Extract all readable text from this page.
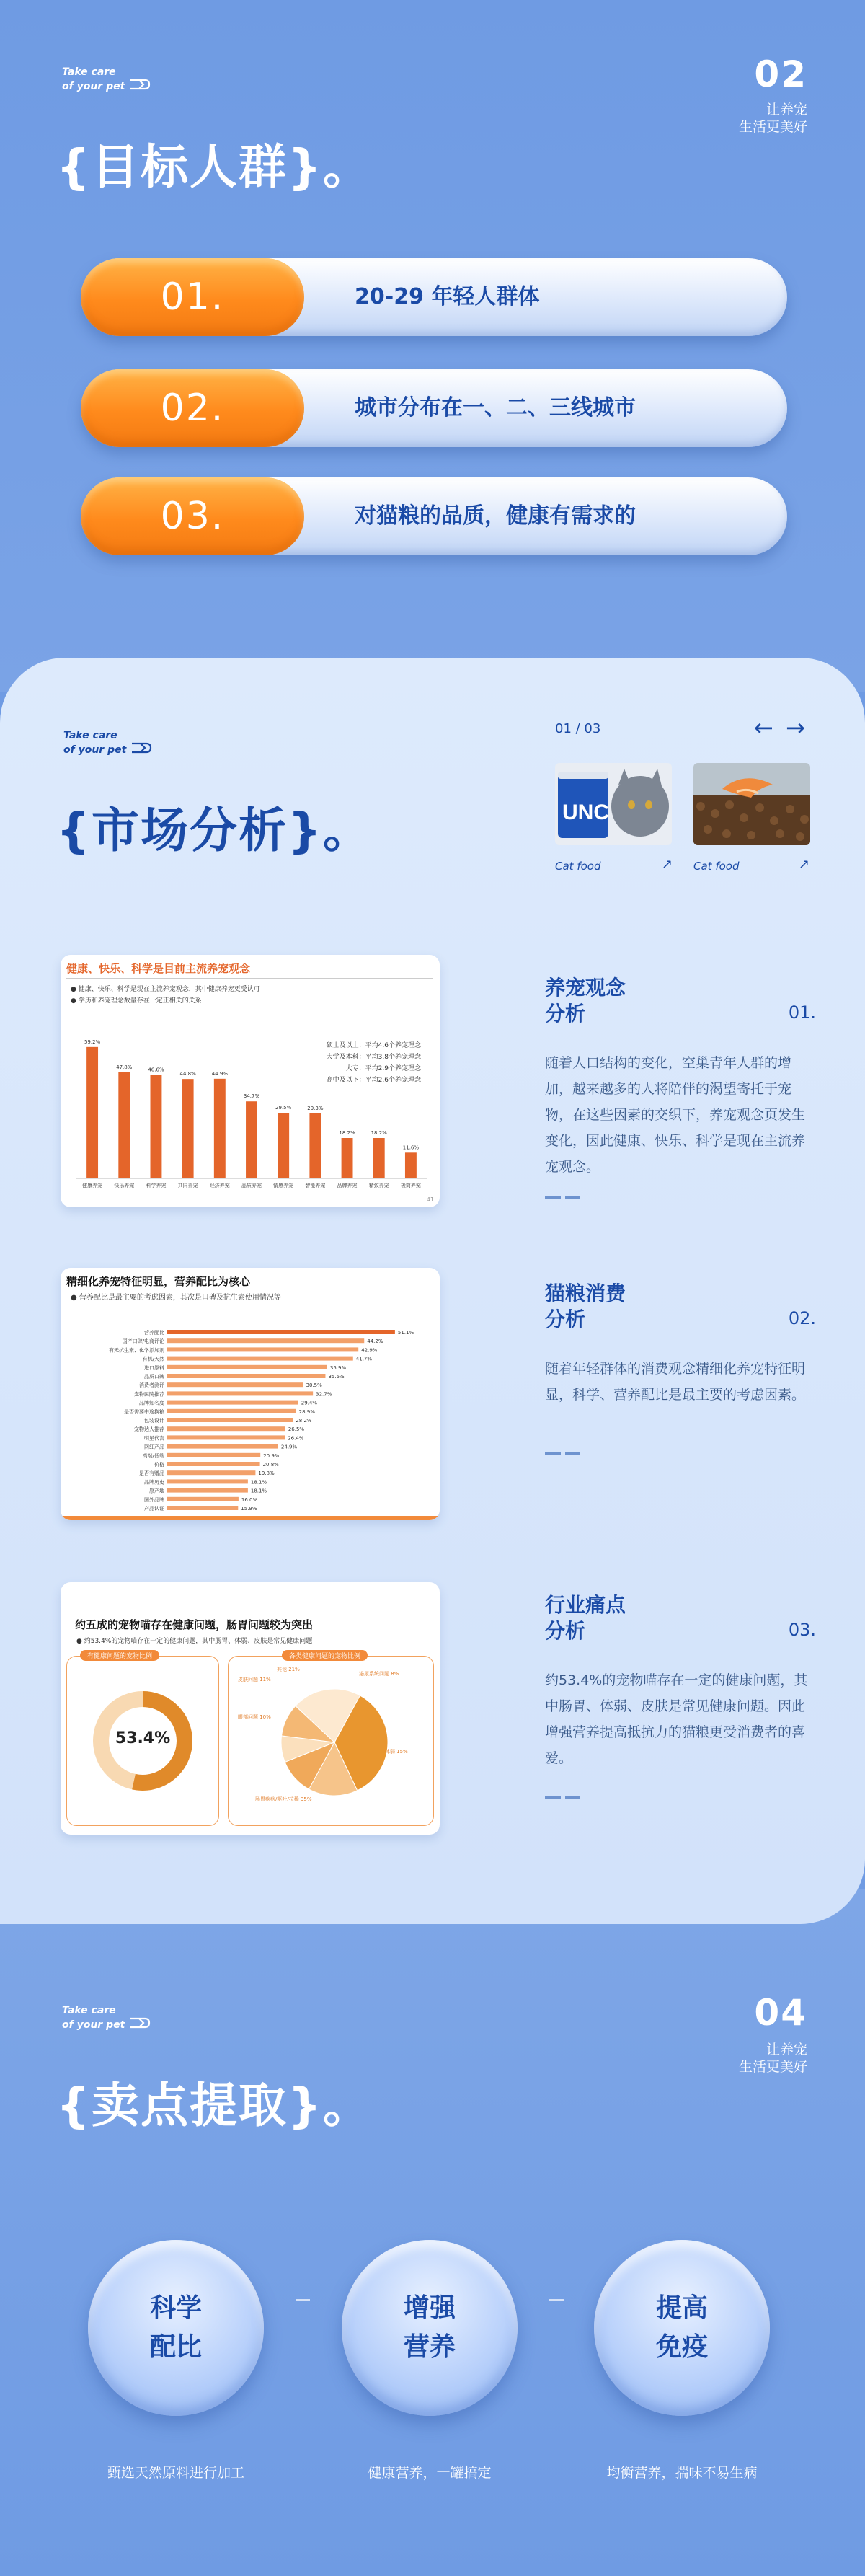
Take care
of your pet	02
让养宠
生活更美好
{目标人群}。
01.	20-29 年轻人群体
02.	城市分布在一、二、三线城市
03.	对猫粮的品质，健康有需求的
Take care
of your pet
{市场分析}。
01 / 03	← →
UNC
Cat food	↗ Cat food	↗
健康、快乐、科学是目前主流养宠观念
● 健康、快乐、科学是现在主流养宠观念，其中健康养宠更受认可
● 学历和养宠理念数量存在一定正相关的关系
硕士及以上：平均4.6个养宠理念
大学及本科：平均3.8个养宠理念
大专：平均2.9个养宠理念
高中及以下：平均2.6个养宠理念
59.2%
健康养宠
47.8%
快乐养宠
46.6%
科学养宠
44.8%
共同养宠
44.9%
经济养宠
34.7%
品质养宠
29.5%
情感养宠
29.3%
智能养宠
18.2%
品牌养宠
18.2%
精致养宠
11.6%
极简养宠
41
精细化养宠特征明显，营养配比为核心
● 营养配比是最主要的考虑因素，其次是口碑及抗生素使用情况等
营养配比	51.1%
国产口碑/电商评论	44.2%
有无抗生素、化学添加剂	42.9%
有机/天然	41.7%
进口原料	35.9%
品质口碑	35.5%
消费者测评	30.5%
宠物医院推荐	32.7%
品牌知名度	29.4%
是否需要中途换粮	28.9%
包装设计	28.2%
宠物达人推荐	26.5%
明星代言	26.4%
网红产品	24.9%
高端/低端	20.9%
价格	20.8%
是否有赠品	19.8%
品牌历史	18.1%
原产地	18.1%
国外品牌	16.0%
产品认证	15.9%
约五成的宠物喵存在健康问题，肠胃问题较为突出
● 约53.4%的宠物喵存在一定的健康问题，其中肠胃、体弱、皮肤是常见健康问题
有健康问题的宠物比例	各类健康问题的宠物比例
53.4%
皮肤问题 11%
泌尿系统问题 8%
眼部问题 10%
体弱 15%
肠胃疾病/呕吐/拉稀 35%
其他 21%
养宠观念
分析	01.
随着人口结构的变化，空巢青年人群的增加，越来越多的人将陪伴的渴望寄托于宠物，在这些因素的交织下，养宠观念页发生变化，因此健康、快乐、科学是现在主流养宠观念。
猫粮消费
分析	02.
随着年轻群体的消费观念精细化养宠特征明显，科学、营养配比是最主要的考虑因素。
行业痛点
分析	03.
约53.4%的宠物喵存在一定的健康问题，其中肠胃、体弱、皮肤是常见健康问题。因此增强营养提高抵抗力的猫粮更受消费者的喜爱。
Take care
of your pet	04
让养宠
生活更美好
{卖点提取}。
科学
配比
增强
营养
提高
免疫
甄选天然原料进行加工	健康营养，一罐搞定	均衡营养，揣味不易生病
